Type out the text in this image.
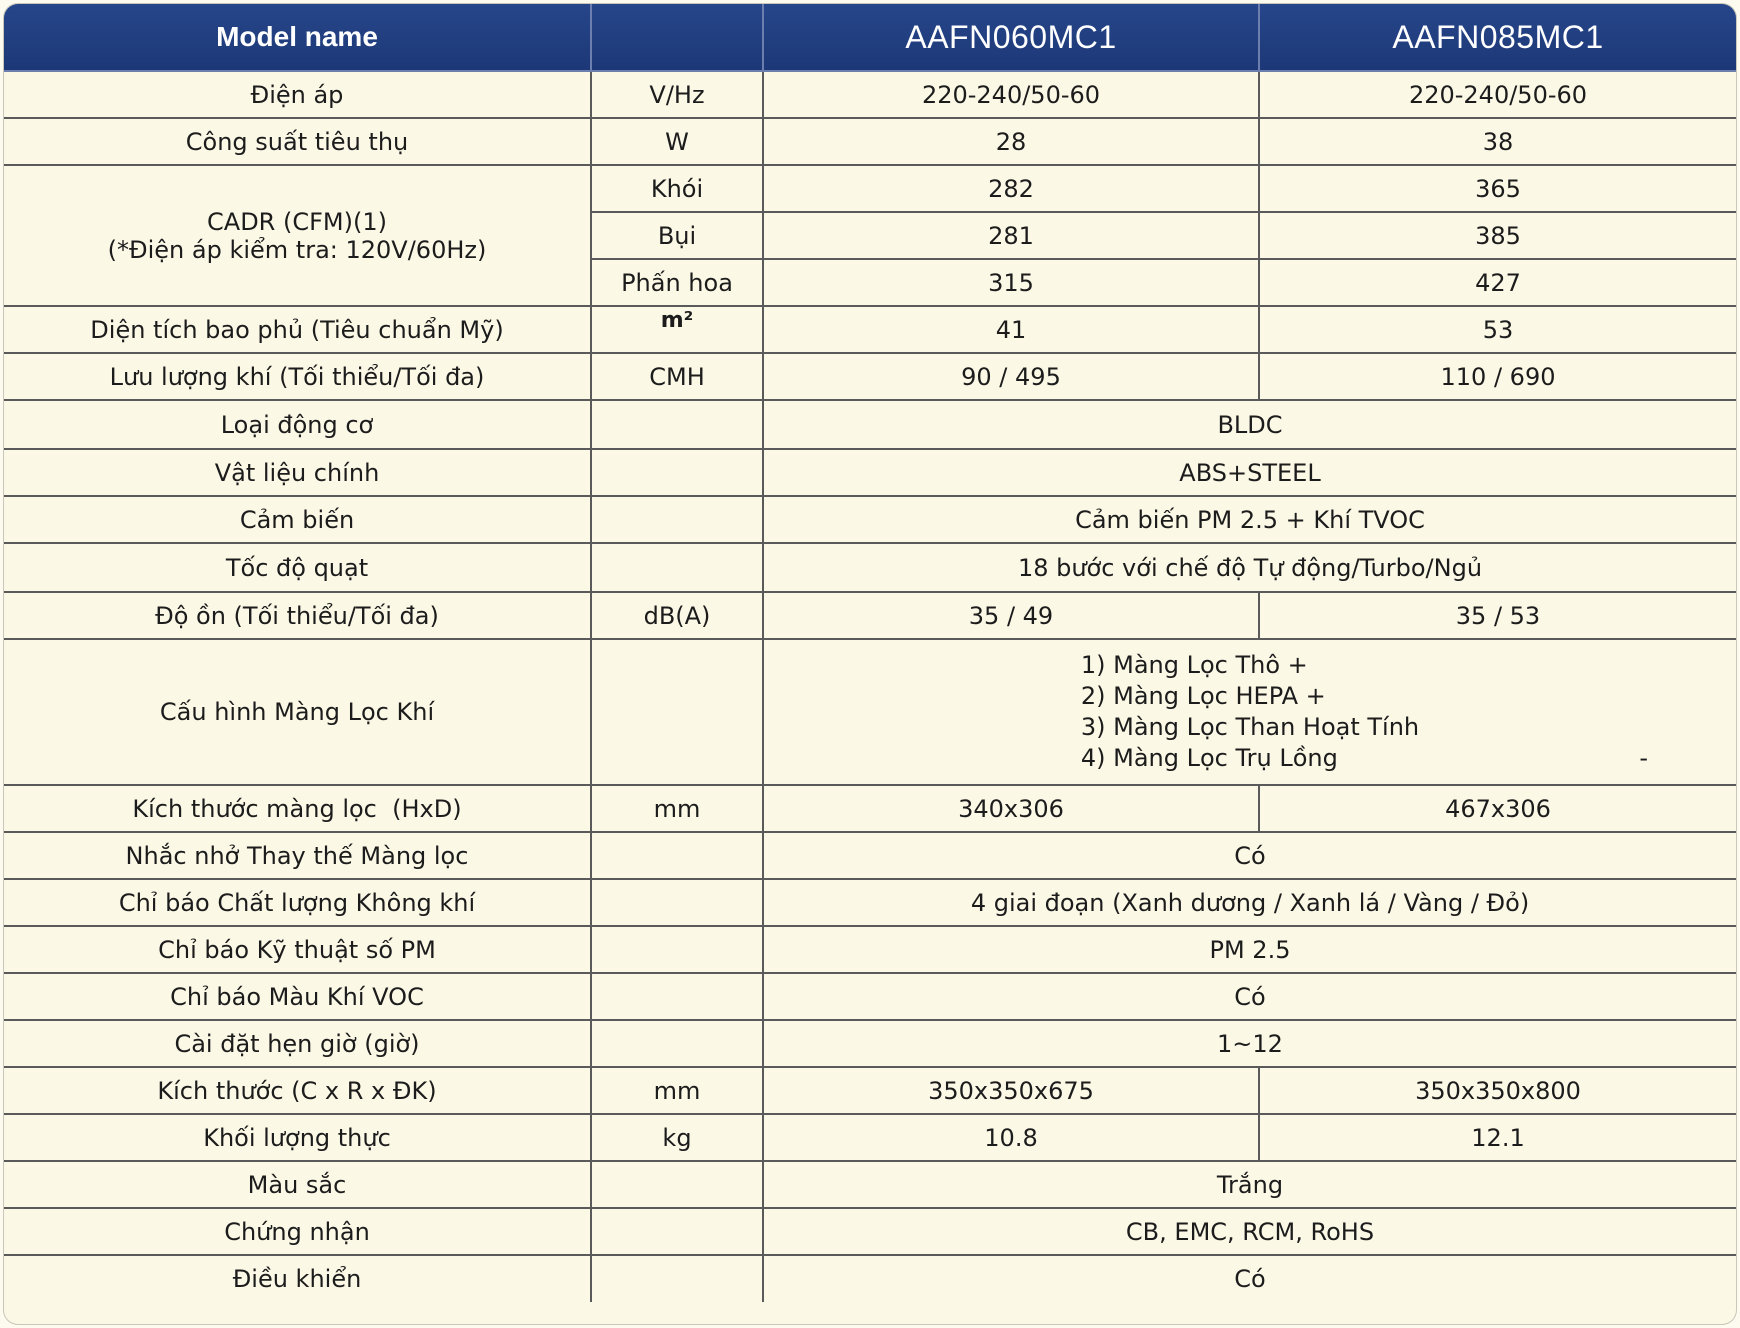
Model name		AAFN060MC1	AAFN085MC1
Điện áp	V/Hz	220-240/50-60	220-240/50-60
Công suất tiêu thụ	W	28	38

CADR (CFM)(1)
(*Điện áp kiểm tra: 120V/60Hz)	Khói	282	365
	Bụi	281	385
	Phấn hoa	315	427
Diện tích bao phủ (Tiêu chuẩn Mỹ)	m²	41	53
Lưu lượng khí (Tối thiểu/Tối đa)	CMH	90 / 495	110 / 690
Loại động cơ		BLDC	
Vật liệu chính		ABS+STEEL	
Cảm biến		Cảm biến PM 2.5 + Khí TVOC	
Tốc độ quạt		18 bước với chế độ Tự động/Turbo/Ngủ	
Độ ồn (Tối thiểu/Tối đa)	dB(A)	35 / 49	35 / 53
Cấu hình Màng Lọc Khí		1) Màng Lọc Thô +
2) Màng Lọc HEPA +
3) Màng Lọc Than Hoạt Tính
4) Màng Lọc Trụ Lồng -	

Kích thước màng lọc  (HxD)	mm	340x306	467x306
Nhắc nhở Thay thế Màng lọc		Có	
Chỉ báo Chất lượng Không khí		4 giai đoạn (Xanh dương / Xanh lá / Vàng / Đỏ)	
Chỉ báo Kỹ thuật số PM		PM 2.5	
Chỉ báo Màu Khí VOC		Có	
Cài đặt hẹn giờ (giờ)		1~12	
Kích thước (C x R x ĐK)	mm	350x350x675	350x350x800
Khối lượng thực	kg	10.8	12.1
Màu sắc		Trắng	
Chứng nhận		CB, EMC, RCM, RoHS	
Điều khiển		Có	
